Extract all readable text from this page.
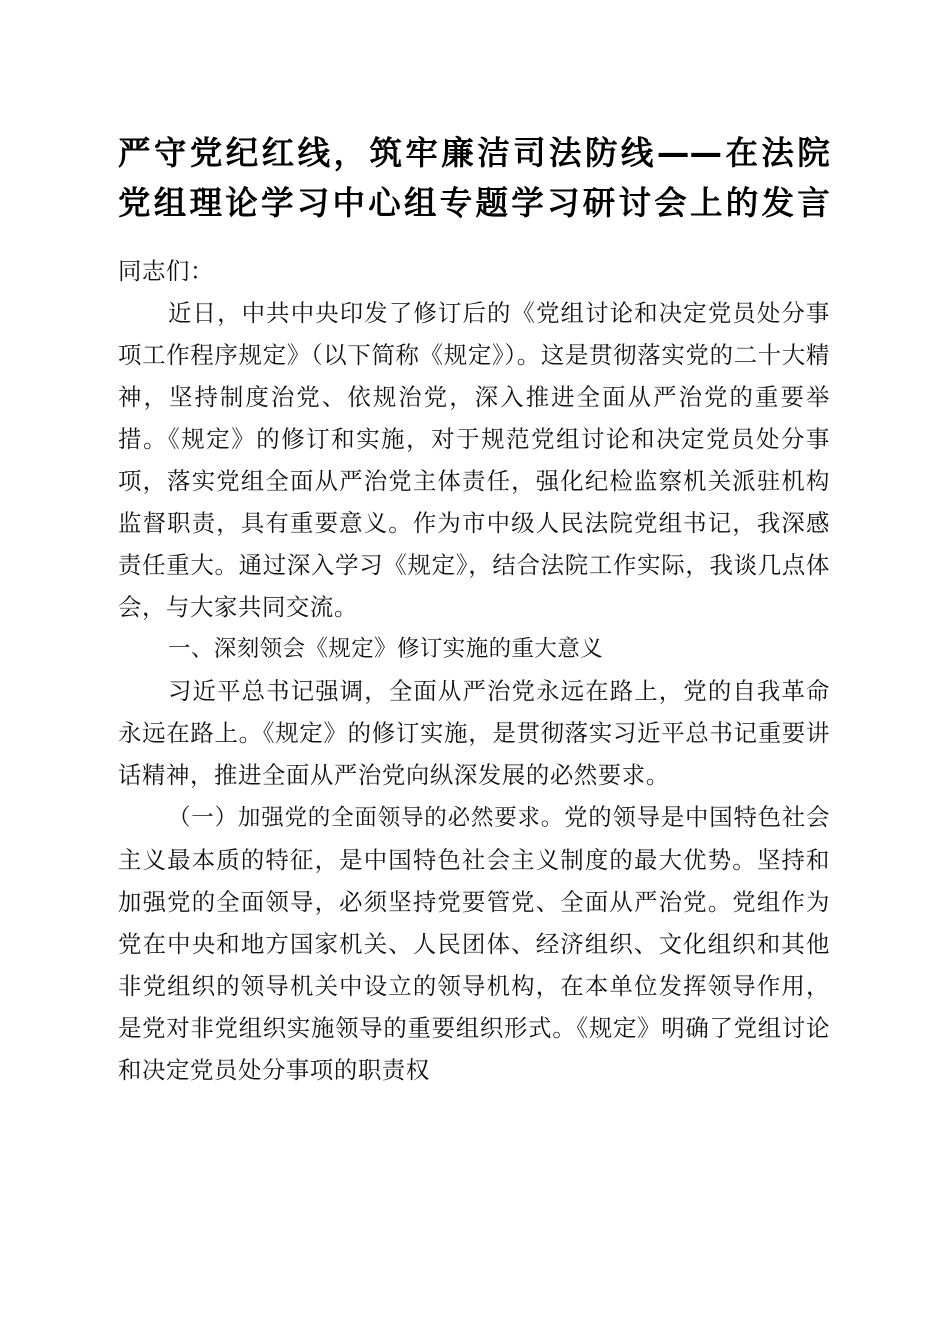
严守党纪红线，筑牢廉洁司法防线——在法院
党组理论学习中心组专题学习研讨会上的发言

同志们：

近日，中共中央印发了修订后的《党组讨论和决定党员处分事项工作程序规定》（以下简称《规定》）。这是贯彻落实党的二十大精神，坚持制度治党、依规治党，深入推进全面从严治党的重要举措。《规定》的修订和实施，对于规范党组讨论和决定党员处分事项，落实党组全面从严治党主体责任，强化纪检监察机关派驻机构监督职责，具有重要意义。作为市中级人民法院党组书记，我深感责任重大。通过深入学习《规定》，结合法院工作实际，我谈几点体会，与大家共同交流。

一、深刻领会《规定》修订实施的重大意义

习近平总书记强调，全面从严治党永远在路上，党的自我革命永远在路上。《规定》的修订实施，是贯彻落实习近平总书记重要讲话精神，推进全面从严治党向纵深发展的必然要求。

（一）加强党的全面领导的必然要求。党的领导是中国特色社会主义最本质的特征，是中国特色社会主义制度的最大优势。坚持和加强党的全面领导，必须坚持党要管党、全面从严治党。党组作为党在中央和地方国家机关、人民团体、经济组织、文化组织和其他非党组织的领导机关中设立的领导机构，在本单位发挥领导作用，是党对非党组织实施领导的重要组织形式。《规定》明确了党组讨论和决定党员处分事项的职责权
